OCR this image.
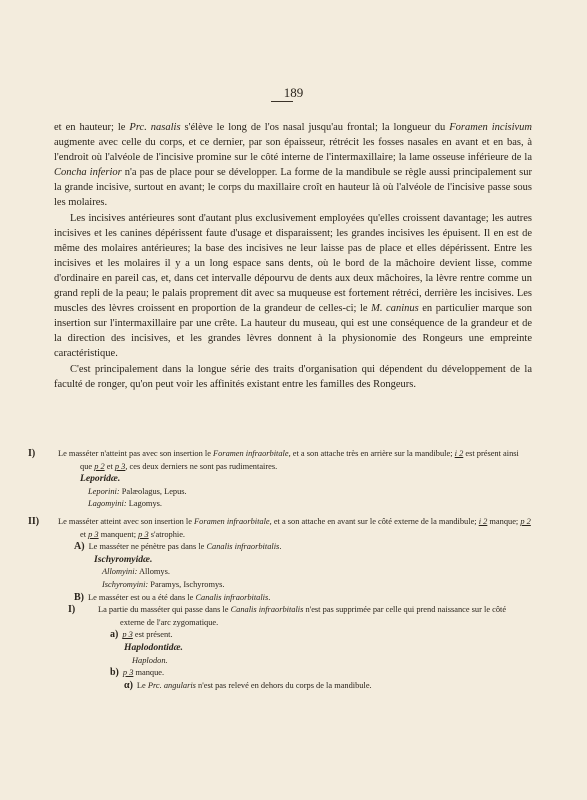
189

et en hauteur; le Prc. nasalis s'élève le long de l'os nasal jusqu'au frontal; la longueur du Foramen incisivum augmente avec celle du corps, et ce dernier, par son épaisseur, rétrécit les fosses nasales en avant et en bas, à l'endroit où l'alvéole de l'incisive promine sur le côté interne de l'intermaxillaire; la lame osseuse inférieure de la Concha inferior n'a pas de place pour se développer. La forme de la mandibule se règle aussi principalement sur la grande incisive, surtout en avant; le corps du maxillaire croît en hauteur là où l'alvéole de l'incisive passe sous les molaires.

Les incisives antérieures sont d'autant plus exclusivement employées qu'elles croissent davantage; les autres incisives et les canines dépérissent faute d'usage et disparaissent; les grandes incisives les épuisent. Il en est de même des molaires antérieures; la base des incisives ne leur laisse pas de place et elles dépérissent. Entre les incisives et les molaires il y a un long espace sans dents, où le bord de la mâchoire devient lisse, comme d'ordinaire en pareil cas, et, dans cet intervalle dépourvu de dents aux deux mâchoires, la lèvre rentre comme un grand repli de la peau; le palais proprement dit avec sa muqueuse est fortement rétréci, derrière les incisives. Les muscles des lèvres croissent en proportion de la grandeur de celles-ci; le M. caninus en particulier marque son insertion sur l'intermaxillaire par une crête. La hauteur du museau, qui est une conséquence de la grandeur et de la direction des incisives, et les grandes lèvres donnent à la physionomie des Rongeurs une empreinte caractéristique.

C'est principalement dans la longue série des traits d'organisation qui dépendent du développement de la faculté de ronger, qu'on peut voir les affinités existant entre les familles des Rongeurs.

I)	Le masséter n'atteint pas avec son insertion le Foramen infraorbitale, et a son attache très en arrière sur la mandibule; i 2 est présent ainsi que p 2 et p 3, ces deux derniers ne sont pas rudimentaires.
Leporidæ.
Leporini: Palæolagus, Lepus.
Lagomyini: Lagomys.
II) Le masséter atteint avec son insertion le Foramen infraorbitale, et a son attache en avant sur le côté externe de la mandibule; i 2 manque; p 2 et p 3 manquent; p 3 s'atrophie.
A) Le masséter ne pénètre pas dans le Canalis infraorbitalis.
Ischyromyidæ.
Allomyini: Allomys.
Ischyromyini: Paramys, Ischyromys.
B) Le masséter est ou a été dans le Canalis infraorbitalis.
I)	La partie du masséter qui passe dans le Canalis infraorbitalis n'est pas supprimée par celle qui prend naissance sur le côté externe de l'arc zygomatique.
a) p 3 est présent.
Haplodontidæ.
Haplodon.
b) p 3 manque.
α) Le Prc. angularis n'est pas relevé en dehors du corps de la mandibule.
